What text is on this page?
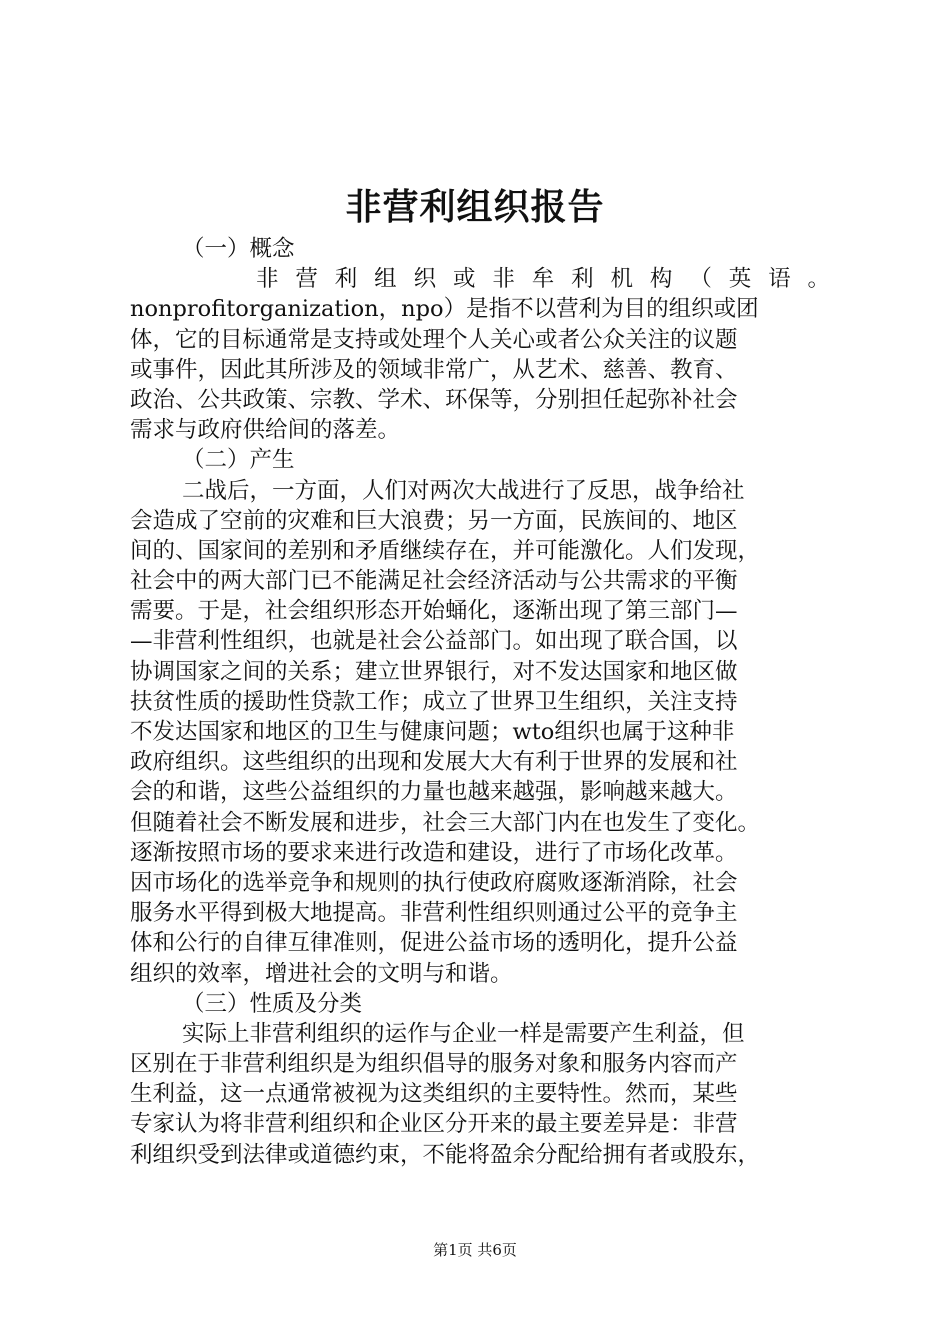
非营利组织报告
（一）概念
非 营 利 组 织 或 非 牟 利 机 构 （ 英 语 。
nonprofitorganization，npo）是指不以营利为目的组织或团
体，它的目标通常是支持或处理个人关心或者公众关注的议题
或事件，因此其所涉及的领域非常广，从艺术、慈善、教育、
政治、公共政策、宗教、学术、环保等，分别担任起弥补社会
需求与政府供给间的落差。
（二）产生
二战后，一方面，人们对两次大战进行了反思，战争给社
会造成了空前的灾难和巨大浪费；另一方面，民族间的、地区
间的、国家间的差别和矛盾继续存在，并可能激化。人们发现，
社会中的两大部门已不能满足社会经济活动与公共需求的平衡
需要。于是，社会组织形态开始蛹化，逐渐出现了第三部门—
—非营利性组织，也就是社会公益部门。如出现了联合国，以
协调国家之间的关系；建立世界银行，对不发达国家和地区做
扶贫性质的援助性贷款工作；成立了世界卫生组织，关注支持
不发达国家和地区的卫生与健康问题；wto组织也属于这种非
政府组织。这些组织的出现和发展大大有利于世界的发展和社
会的和谐，这些公益组织的力量也越来越强，影响越来越大。
但随着社会不断发展和进步，社会三大部门内在也发生了变化。
逐渐按照市场的要求来进行改造和建设，进行了市场化改革。
因市场化的选举竞争和规则的执行使政府腐败逐渐消除，社会
服务水平得到极大地提高。非营利性组织则通过公平的竞争主
体和公行的自律互律准则，促进公益市场的透明化，提升公益
组织的效率，增进社会的文明与和谐。
（三）性质及分类
实际上非营利组织的运作与企业一样是需要产生利益，但
区别在于非营利组织是为组织倡导的服务对象和服务内容而产
生利益，这一点通常被视为这类组织的主要特性。然而，某些
专家认为将非营利组织和企业区分开来的最主要差异是：非营
利组织受到法律或道德约束，不能将盈余分配给拥有者或股东，
第1页 共6页
